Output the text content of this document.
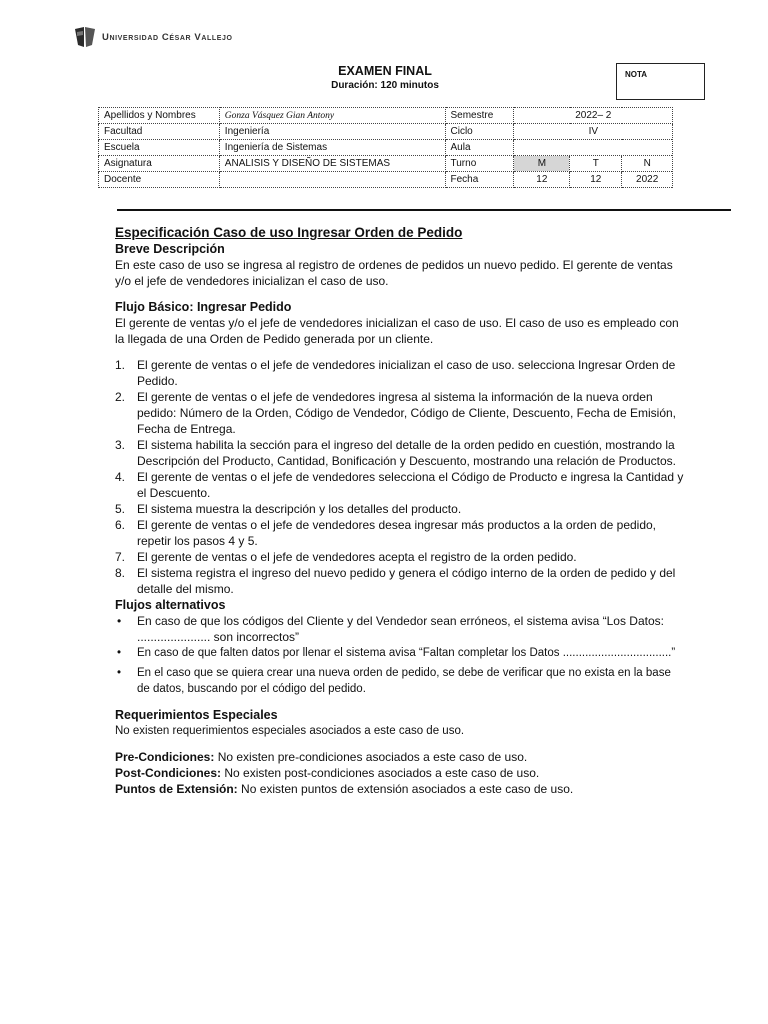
Universidad César Vallejo
EXAMEN FINAL
Duración: 120 minutos
NOTA
Apellidos y Nombres	Gonza Vásquez Gian Antony	Semestre	2022– 2			
Facultad	Ingeniería	Ciclo	IV			
Escuela	Ingeniería de Sistemas	Aula				
Asignatura	ANALISIS Y DISEÑO DE SISTEMAS	Turno	M	T	N	
Docente		Fecha	12	12	2022	

Especificación Caso de uso Ingresar Orden de Pedido

Breve Descripción

En este caso de uso se ingresa al registro de ordenes de pedidos un nuevo pedido. El gerente de ventas y/o el jefe de vendedores inicializan el caso de uso.

Flujo Básico: Ingresar Pedido

El gerente de ventas y/o el jefe de vendedores inicializan el caso de uso. El caso de uso es empleado con la llegada de una Orden de Pedido generada por un cliente.

1. El gerente de ventas o el jefe de vendedores inicializan el caso de uso. selecciona Ingresar Orden de Pedido.
2. El gerente de ventas o el jefe de vendedores ingresa al sistema la información de la nueva orden pedido: Número de la Orden, Código de Vendedor, Código de Cliente, Descuento, Fecha de Emisión, Fecha de Entrega.
3. El sistema habilita la sección para el ingreso del detalle de la orden pedido en cuestión, mostrando la Descripción del Producto, Cantidad, Bonificación y Descuento, mostrando una relación de Productos.
4. El gerente de ventas o el jefe de vendedores selecciona el Código de Producto e ingresa la Cantidad y el Descuento.
5. El sistema muestra la descripción y los detalles del producto.
6. El gerente de ventas o el jefe de vendedores desea ingresar más productos a la orden de pedido, repetir los pasos 4 y 5.
7. El gerente de ventas o el jefe de vendedores acepta el registro de la orden pedido.
8. El sistema registra el ingreso del nuevo pedido y genera el código interno de la orden de pedido y del detalle del mismo.

Flujos alternativos

• En caso de que los códigos del Cliente y del Vendedor sean erróneos, el sistema avisa “Los Datos: ...................... son incorrectos”
• En caso de que falten datos por llenar el sistema avisa “Faltan completar los Datos ..................................”
• En el caso que se quiera crear una nueva orden de pedido, se debe de verificar que no exista en la base de datos, buscando por el código del pedido.

Requerimientos Especiales

No existen requerimientos especiales asociados a este caso de uso.

Pre-Condiciones: No existen pre-condiciones asociados a este caso de uso.

Post-Condiciones: No existen post-condiciones asociados a este caso de uso.

Puntos de Extensión: No existen puntos de extensión asociados a este caso de uso.
